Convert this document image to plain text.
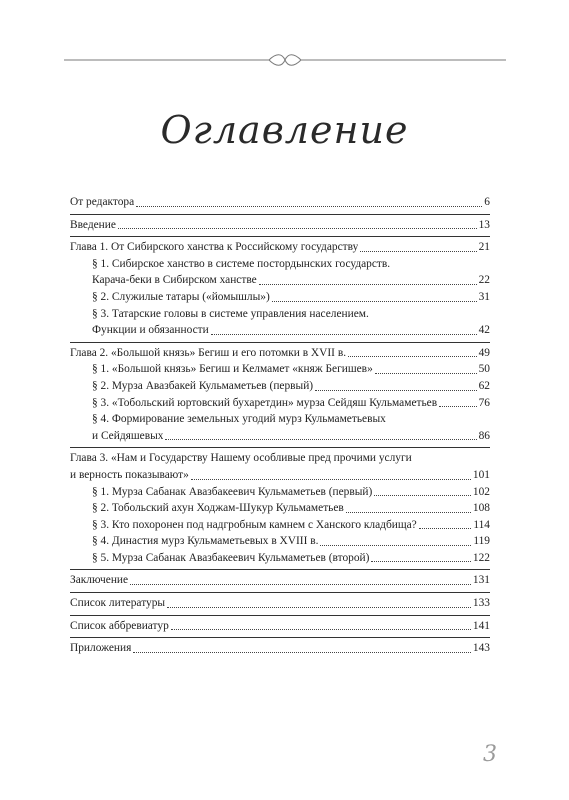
Оглавление
От редактора	6
Введение	13
Глава 1. От Сибирского ханства к Российскому государству	21
§ 1. Сибирское ханство в системе постордынских государств.
Карача-беки в Сибирском ханстве	22
§ 2. Служилые татары («йомышлы»)	31
§ 3. Татарские головы в системе управления населением.
Функции и обязанности	42
Глава 2. «Большой князь» Бегиш и его потомки в XVII в.	49
§ 1. «Большой князь» Бегиш и Келмамет «княж Бегишев»	50
§ 2. Мурза Авазбакей Кульмаметьев (первый)	62
§ 3. «Тобольский юртовский бухаретдин» мурза Сейдяш Кульмаметьев	76
§ 4. Формирование земельных угодий мурз Кульмаметьевых
и Сейдяшевых	86
Глава 3. «Нам и Государству Нашему особливые пред прочими услуги
и верность показывают»	101
§ 1. Мурза Сабанак Авазбакеевич Кульмаметьев (первый)	102
§ 2. Тобольский ахун Ходжам-Шукур Кульмаметьев	108
§ 3. Кто похоронен под надгробным камнем с Ханского кладбища?	114
§ 4. Династия мурз Кульмаметьевых в XVIII в.	119
§ 5. Мурза Сабанак Авазбакеевич Кульмаметьев (второй)	122
Заключение	131
Список литературы	133
Список аббревиатур	141
Приложения	143
3
